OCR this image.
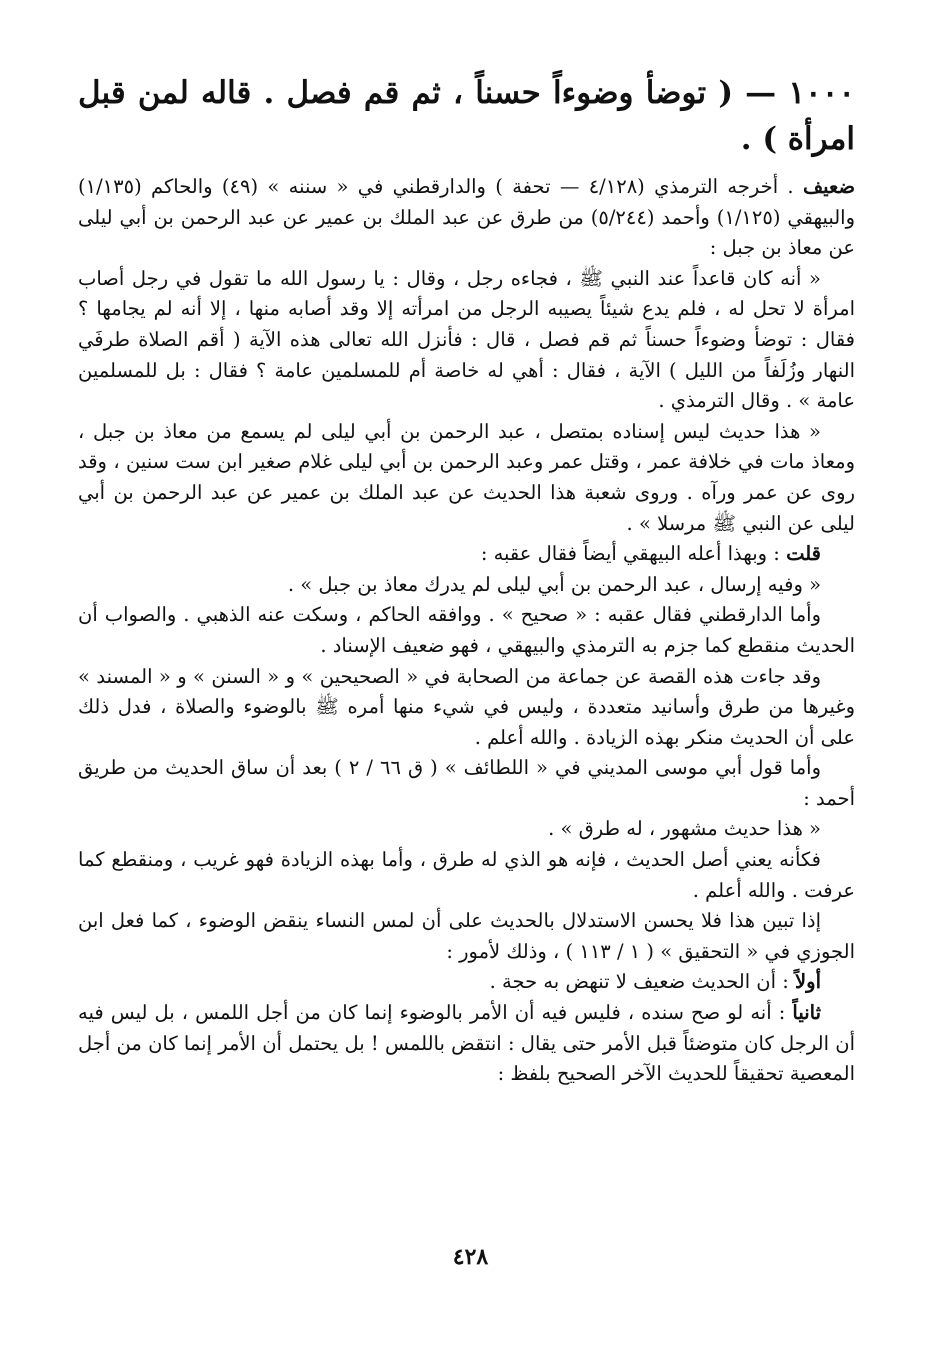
١٠٠٠ — ( توضأ وضوءاً حسناً ، ثم قم فصل . قاله لمن قبل امرأة ) .

ضعيف . أخرجه الترمذي (٤/١٢٨ — تحفة ) والدارقطني في « سننه » (٤٩) والحاكم (١/١٣٥) والبيهقي (١/١٢٥) وأحمد (٥/٢٤٤) من طرق عن عبد الملك بن عمير عن عبد الرحمن بن أبي ليلى عن معاذ بن جبل :

« أنه كان قاعداً عند النبي ﷺ ، فجاءه رجل ، وقال : يا رسول الله ما تقول في رجل أصاب امرأة لا تحل له ، فلم يدع شيئاً يصيبه الرجل من امرأته إلا وقد أصابه منها ، إلا أنه لم يجامها ؟ فقال : توضأ وضوءاً حسناً ثم قم فصل ، قال : فأنزل الله تعالى هذه الآية ( أقم الصلاة طرفَي النهار وزُلَفاً من الليل ) الآية ، فقال : أهي له خاصة أم للمسلمين عامة ؟ فقال : بل للمسلمين عامة » . وقال الترمذي .

« هذا حديث ليس إسناده بمتصل ، عبد الرحمن بن أبي ليلى لم يسمع من معاذ بن جبل ، ومعاذ مات في خلافة عمر ، وقتل عمر وعبد الرحمن بن أبي ليلى غلام صغير ابن ست سنين ، وقد روى عن عمر ورآه . وروى شعبة هذا الحديث عن عبد الملك بن عمير عن عبد الرحمن بن أبي ليلى عن النبي ﷺ مرسلا » .

قلت : وبهذا أعله البيهقي أيضاً فقال عقبه :

« وفيه إرسال ، عبد الرحمن بن أبي ليلى لم يدرك معاذ بن جبل » .

وأما الدارقطني فقال عقبه : « صحيح » . ووافقه الحاكم ، وسكت عنه الذهبي . والصواب أن الحديث منقطع كما جزم به الترمذي والبيهقي ، فهو ضعيف الإسناد .

وقد جاءت هذه القصة عن جماعة من الصحابة في « الصحيحين » و « السنن » و « المسند » وغيرها من طرق وأسانيد متعددة ، وليس في شيء منها أمره ﷺ بالوضوء والصلاة ، فدل ذلك على أن الحديث منكر بهذه الزيادة . والله أعلم .

وأما قول أبي موسى المديني في « اللطائف » ( ق ٦٦ / ٢ ) بعد أن ساق الحديث من طريق أحمد :

« هذا حديث مشهور ، له طرق » .

فكأنه يعني أصل الحديث ، فإنه هو الذي له طرق ، وأما بهذه الزيادة فهو غريب ، ومنقطع كما عرفت . والله أعلم .

إذا تبين هذا فلا يحسن الاستدلال بالحديث على أن لمس النساء ينقض الوضوء ، كما فعل ابن الجوزي في « التحقيق » ( ١ / ١١٣ ) ، وذلك لأمور :

أولاً : أن الحديث ضعيف لا تنهض به حجة .

ثانياً : أنه لو صح سنده ، فليس فيه أن الأمر بالوضوء إنما كان من أجل اللمس ، بل ليس فيه أن الرجل كان متوضئاً قبل الأمر حتى يقال : انتقض باللمس ! بل يحتمل أن الأمر إنما كان من أجل المعصية تحقيقاً للحديث الآخر الصحيح بلفظ :

٤٢٨
